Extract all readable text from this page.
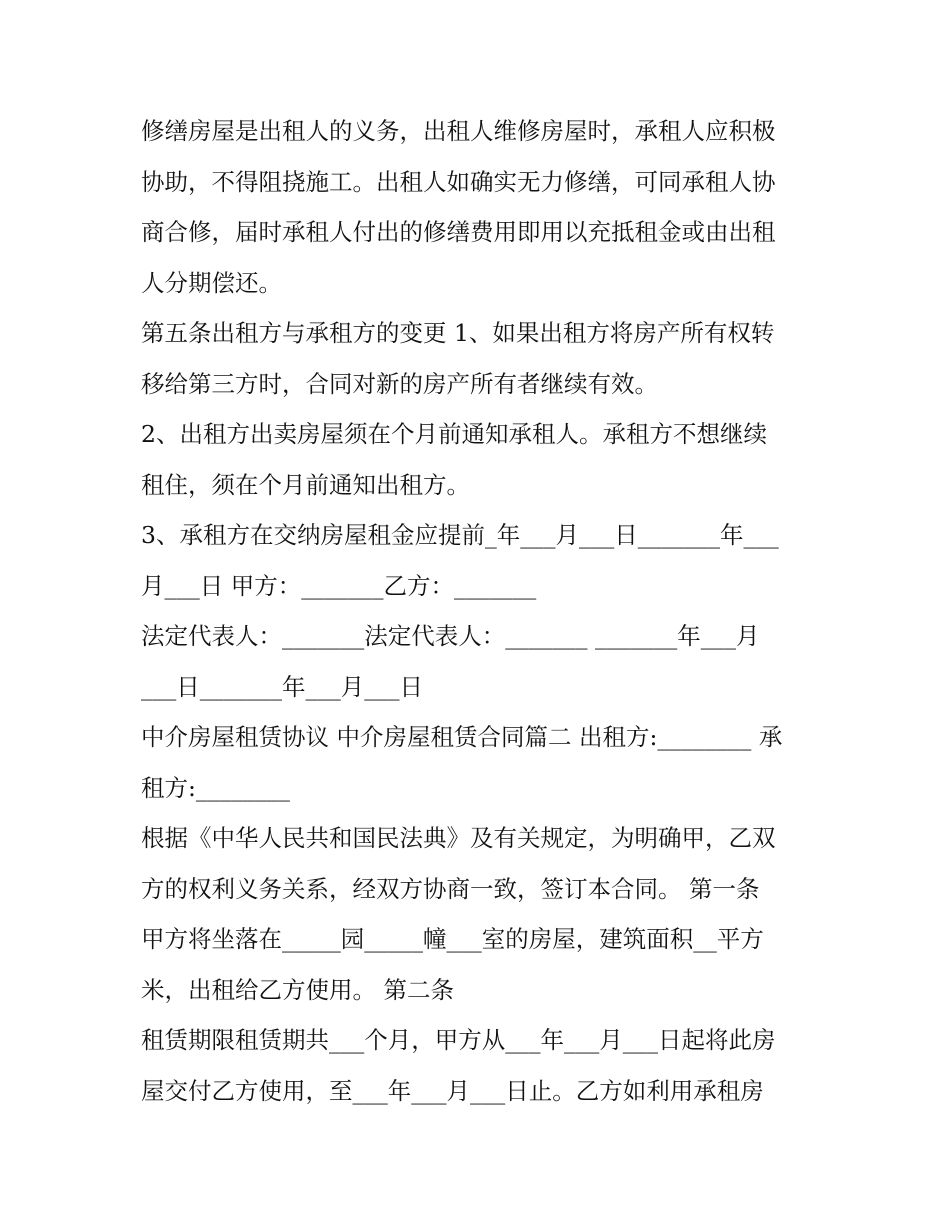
修缮房屋是出租人的义务，出租人维修房屋时，承租人应积极
协助，不得阻挠施工。出租人如确实无力修缮，可同承租人协
商合修，届时承租人付出的修缮费用即用以充抵租金或由出租
人分期偿还。
第五条出租方与承租方的变更 1、如果出租方将房产所有权转
移给第三方时，合同对新的房产所有者继续有效。
2、出租方出卖房屋须在个月前通知承租人。承租方不想继续
租住，须在个月前通知出租方。
3、承租方在交纳房屋租金应提前_年___月___日_______年___
月___日 甲方：_______乙方：_______
法定代表人：_______法定代表人：_______ _______年___月
___日_______年___月___日
中介房屋租赁协议 中介房屋租赁合同篇二 出租方:________ 承
租方:________
根据《中华人民共和国民法典》及有关规定，为明确甲，乙双
方的权利义务关系，经双方协商一致，签订本合同。 第一条
甲方将坐落在_____园_____幢___室的房屋，建筑面积__平方
米，出租给乙方使用。 第二条
租赁期限租赁期共___个月，甲方从___年___月___日起将此房
屋交付乙方使用，至___年___月___日止。乙方如利用承租房
